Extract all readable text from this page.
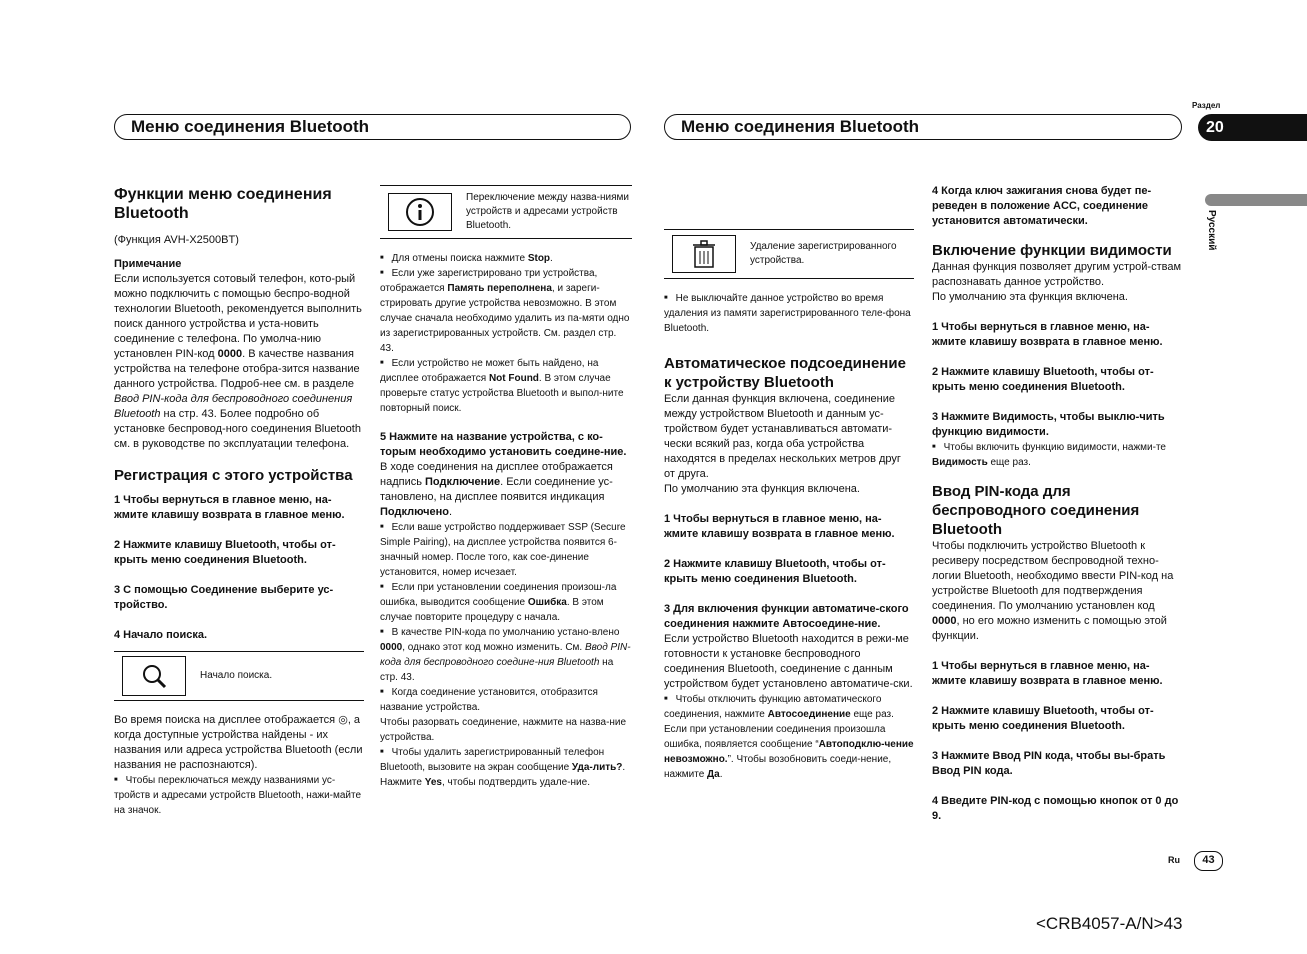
Меню соединения Bluetooth	Меню соединения Bluetooth
Раздел
20
Русский
Функции меню соединения Bluetooth

(Функция AVH-X2500BT)

Примечание

Если используется сотовый телефон, кото-рый можно подключить с помощью беспро-водной технологии Bluetooth, рекомендуется выполнить поиск данного устройства и уста-новить соединение с телефона. По умолча-нию установлен PIN-код 0000. В качестве названия устройства на телефоне отобра-зится название данного устройства. Подроб-нее см. в разделе Ввод PIN-кода для беспроводного соединения Bluetooth на стр. 43. Более подробно об установке беспровод-ного соединения Bluetooth см. в руководстве по эксплуатации телефона.

Регистрация с этого устройства

1 Чтобы вернуться в главное меню, на-жмите клавишу возврата в главное меню.

2 Нажмите клавишу Bluetooth, чтобы от-крыть меню соединения Bluetooth.

3 С помощью Соединение выберите ус-тройство.

4 Начало поиска.

Начало поиска.

Во время поиска на дисплее отображается ◎, а когда доступные устройства найдены - их названия или адреса устройства Bluetooth (если названия не распознаются).

■ Чтобы переключаться между названиями ус-тройств и адресами устройств Bluetooth, нажи-майте на значок.

Переключение между назва-ниями устройств и адресами устройств Bluetooth.

■ Для отмены поиска нажмите Stop.

■ Если уже зарегистрировано три устройства, отображается Память переполнена, и зареги-стрировать другие устройства невозможно. В этом случае сначала необходимо удалить из па-мяти одно из зарегистрированных устройств. См. раздел стр. 43.

■ Если устройство не может быть найдено, на дисплее отображается Not Found. В этом случае проверьте статус устройства Bluetooth и выпол-ните повторный поиск.

5 Нажмите на название устройства, с ко-торым необходимо установить соедине-ние.

В ходе соединения на дисплее отображается надпись Подключение. Если соединение ус-тановлено, на дисплее появится индикация Подключено.

■ Если ваше устройство поддерживает SSP (Secure Simple Pairing), на дисплее устройства появится 6-значный номер. После того, как сое-динение установится, номер исчезает.

■ Если при установлении соединения произош-ла ошибка, выводится сообщение Ошибка. В этом случае повторите процедуру с начала.

■ В качестве PIN-кода по умолчанию устано-влено 0000, однако этот код можно изменить. См. Ввод PIN-кода для беспроводного соедине-ния Bluetooth на стр. 43.

■ Когда соединение установится, отобразится название устройства.

Чтобы разорвать соединение, нажмите на назва-ние устройства.

■ Чтобы удалить зарегистрированный телефон Bluetooth, вызовите на экран сообщение Уда-лить?. Нажмите Yes, чтобы подтвердить удале-ние.

Удаление зарегистрированного устройства.

■ Не выключайте данное устройство во время удаления из памяти зарегистрированного теле-фона Bluetooth.

Автоматическое подсоединение к устройству Bluetooth

Если данная функция включена, соединение между устройством Bluetooth и данным ус-тройством будет устанавливаться автомати-чески всякий раз, когда оба устройства находятся в пределах нескольких метров друг от друга.

По умолчанию эта функция включена.

1 Чтобы вернуться в главное меню, на-жмите клавишу возврата в главное меню.

2 Нажмите клавишу Bluetooth, чтобы от-крыть меню соединения Bluetooth.

3 Для включения функции автоматиче-ского соединения нажмите Автосоедине-ние.

Если устройство Bluetooth находится в режи-ме готовности к установке беспроводного соединения Bluetooth, соединение с данным устройством будет установлено автоматиче-ски.

■ Чтобы отключить функцию автоматического соединения, нажмите Автосоединение еще раз. Если при установлении соединения произошла ошибка, появляется сообщение “Автоподклю-чение невозможно.”. Чтобы возобновить соеди-нение, нажмите Да.

4 Когда ключ зажигания снова будет пе-реведен в положение ACC, соединение установится автоматически.

Включение функции видимости

Данная функция позволяет другим устрой-ствам распознавать данное устройство.

По умолчанию эта функция включена.

1 Чтобы вернуться в главное меню, на-жмите клавишу возврата в главное меню.

2 Нажмите клавишу Bluetooth, чтобы от-крыть меню соединения Bluetooth.

3 Нажмите Видимость, чтобы выклю-чить функцию видимости.

■ Чтобы включить функцию видимости, нажми-те Видимость еще раз.

Ввод PIN-кода для беспроводного соединения Bluetooth

Чтобы подключить устройство Bluetooth к ресиверу посредством беспроводной техно-логии Bluetooth, необходимо ввести PIN-код на устройстве Bluetooth для подтверждения соединения. По умолчанию установлен код 0000, но его можно изменить с помощью этой функции.

1 Чтобы вернуться в главное меню, на-жмите клавишу возврата в главное меню.

2 Нажмите клавишу Bluetooth, чтобы от-крыть меню соединения Bluetooth.

3 Нажмите Ввод PIN кода, чтобы вы-брать Ввод PIN кода.

4 Введите PIN-код с помощью кнопок от 0 до 9.

Ru	43
<CRB4057-A/N>43
